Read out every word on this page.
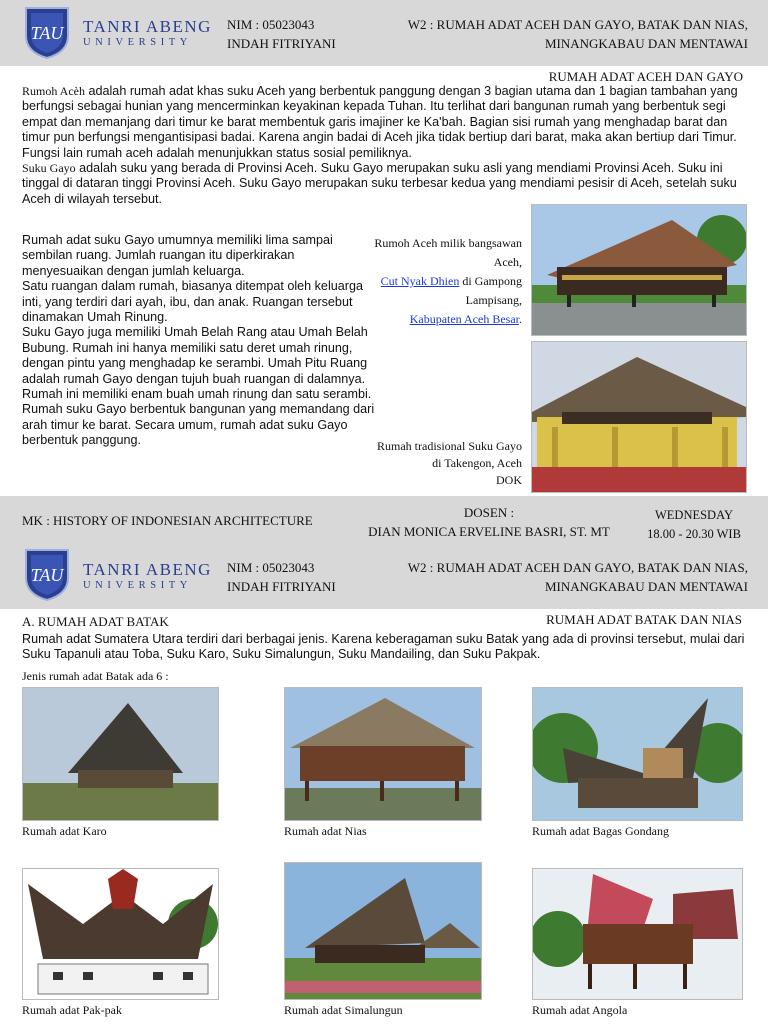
TAU TANRI ABENG
UNIVERSITY
NIM : 05023043
INDAH FITRIYANI
W2 : RUMAH ADAT ACEH DAN GAYO, BATAK DAN NIAS,
MINANGKABAU DAN MENTAWAI
RUMAH ADAT ACEH DAN GAYO
Rumoh Acèh adalah rumah adat khas suku Aceh yang berbentuk panggung dengan 3 bagian utama dan 1 bagian tambahan yang berfungsi sebagai hunian yang mencerminkan keyakinan kepada Tuhan. Itu terlihat dari bangunan rumah yang berbentuk segi empat dan memanjang dari timur ke barat membentuk garis imajiner ke Ka'bah. Bagian sisi rumah yang menghadap barat dan timur pun berfungsi mengantisipasi badai. Karena angin badai di Aceh jika tidak bertiup dari barat, maka akan bertiup dari Timur. Fungsi lain rumah aceh adalah menunjukkan status sosial pemiliknya.
Suku Gayo adalah suku yang berada di Provinsi Aceh. Suku Gayo merupakan suku asli yang mendiami Provinsi Aceh. Suku ini tinggal di dataran tinggi Provinsi Aceh. Suku Gayo merupakan suku terbesar kedua yang mendiami pesisir di Aceh, setelah suku Aceh di wilayah tersebut.
Rumah adat suku Gayo umumnya memiliki lima sampai sembilan ruang. Jumlah ruangan itu diperkirakan menyesuaikan dengan jumlah keluarga.
Satu ruangan dalam rumah, biasanya ditempat oleh keluarga inti, yang terdiri dari ayah, ibu, dan anak. Ruangan tersebut dinamakan Umah Rinung.
Suku Gayo juga memiliki Umah Belah Rang atau Umah Belah Bubung. Rumah ini hanya memiliki satu deret umah rinung, dengan pintu yang menghadap ke serambi. Umah Pitu Ruang adalah rumah Gayo dengan tujuh buah ruangan di dalamnya. Rumah ini memiliki enam buah umah rinung dan satu serambi. Rumah suku Gayo berbentuk bangunan yang memandang dari arah timur ke barat. Secara umum, rumah adat suku Gayo berbentuk panggung.
Rumoh Aceh milik bangsawan Aceh,
Cut Nyak Dhien di Gampong Lampisang,
Kabupaten Aceh Besar.
Rumah tradisional Suku Gayo di Takengon, Aceh
DOK
MK : HISTORY OF INDONESIAN ARCHITECTURE
DOSEN :
DIAN MONICA ERVELINE BASRI, ST. MT
WEDNESDAY
18.00 - 20.30 WIB
TAU TANRI ABENG
UNIVERSITY
NIM : 05023043
INDAH FITRIYANI
W2 : RUMAH ADAT ACEH DAN GAYO, BATAK DAN NIAS,
MINANGKABAU DAN MENTAWAI
A. RUMAH ADAT BATAK	RUMAH ADAT BATAK DAN NIAS
Rumah adat Sumatera Utara terdiri dari berbagai jenis. Karena keberagaman suku Batak yang ada di provinsi tersebut, mulai dari Suku Tapanuli atau Toba, Suku Karo, Suku Simalungun, Suku Mandailing, dan Suku Pakpak.
Jenis rumah adat Batak ada 6 :
Rumah adat Karo	Rumah adat Nias	Rumah adat Bagas Gondang
Rumah adat Pak-pak	Rumah adat Simalungun	Rumah adat Angola
